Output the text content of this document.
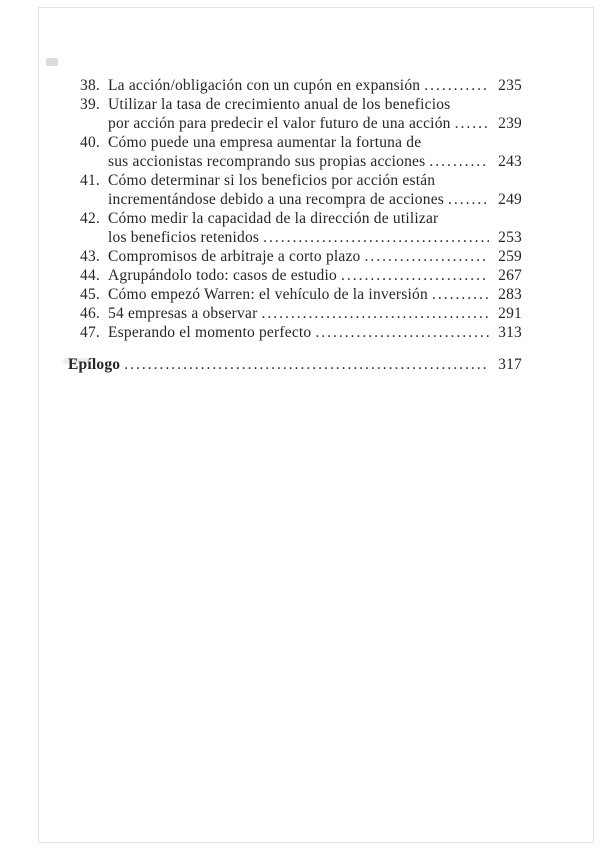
38. La acción/obligación con un cupón en expansión .....	235
39. Utilizar la tasa de crecimiento anual de los beneficios
por acción para predecir el valor futuro de una acción .....	239
40. Cómo puede una empresa aumentar la fortuna de
sus accionistas recomprando sus propias acciones .....	243
41. Cómo determinar si los beneficios por acción están
incrementándose debido a una recompra de acciones .....	249
42. Cómo medir la capacidad de la dirección de utilizar
los beneficios retenidos .....	253
43. Compromisos de arbitraje a corto plazo .....	259
44. Agrupándolo todo: casos de estudio .....	267
45. Cómo empezó Warren: el vehículo de la inversión .....	283
46. 54 empresas a observar .....	291
47. Esperando el momento perfecto .....	313
Epílogo .....	317
